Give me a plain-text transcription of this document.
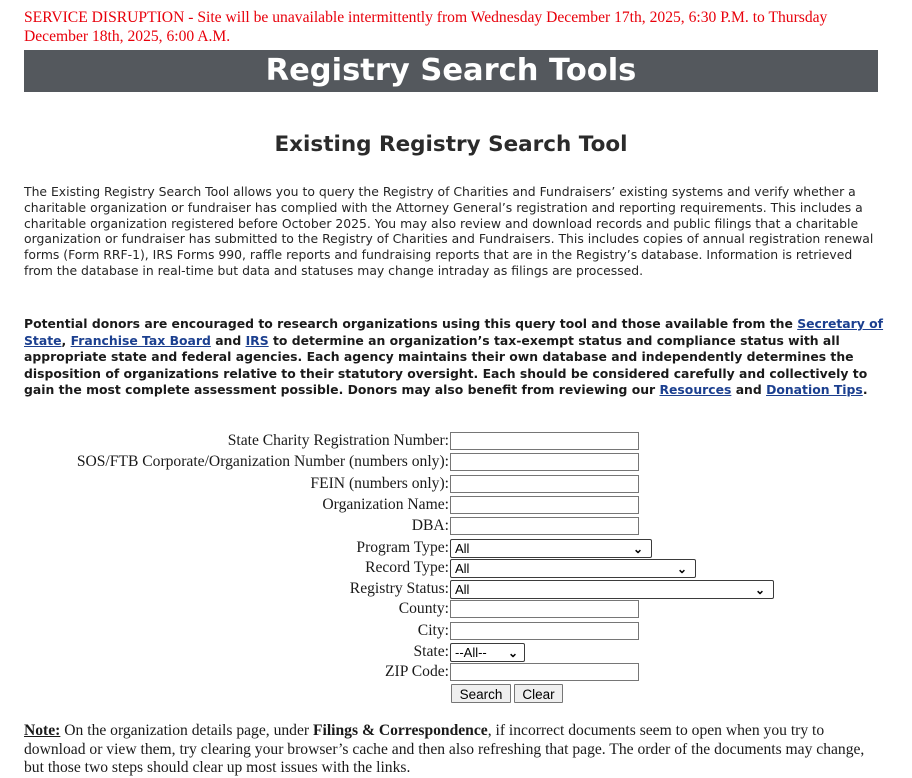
SERVICE DISRUPTION - Site will be unavailable intermittently from Wednesday December 17th, 2025, 6:30 P.M. to Thursday December 18th, 2025, 6:00 A.M.
Registry Search Tools
Existing Registry Search Tool

The Existing Registry Search Tool allows you to query the Registry of Charities and Fundraisers’ existing systems and verify whether a charitable organization or fundraiser has complied with the Attorney General’s registration and reporting requirements. This includes a charitable organization registered before October 2025. You may also review and download records and public filings that a charitable organization or fundraiser has submitted to the Registry of Charities and Fundraisers. This includes copies of annual registration renewal forms (Form RRF-1), IRS Forms 990, raffle reports and fundraising reports that are in the Registry’s database. Information is retrieved from the database in real-time but data and statuses may change intraday as filings are processed.

Potential donors are encouraged to research organizations using this query tool and those available from the Secretary of State, Franchise Tax Board and IRS to determine an organization’s tax-exempt status and compliance status with all appropriate state and federal agencies. Each agency maintains their own database and independently determines the disposition of organizations relative to their statutory oversight. Each should be considered carefully and collectively to gain the most complete assessment possible. Donors may also benefit from reviewing our Resources and Donation Tips.

State Charity Registration Number:
SOS/FTB Corporate/Organization Number (numbers only):
FEIN (numbers only):
Organization Name:
DBA:
Program Type: All	⌄
Record Type: All	⌄
Registry Status: All	⌄
County:
City:
State: --All-- ⌄
ZIP Code:
Search	Clear

Note: On the organization details page, under Filings & Correspondence, if incorrect documents seem to open when you try to download or view them, try clearing your browser’s cache and then also refreshing that page. The order of the documents may change, but those two steps should clear up most issues with the links.
